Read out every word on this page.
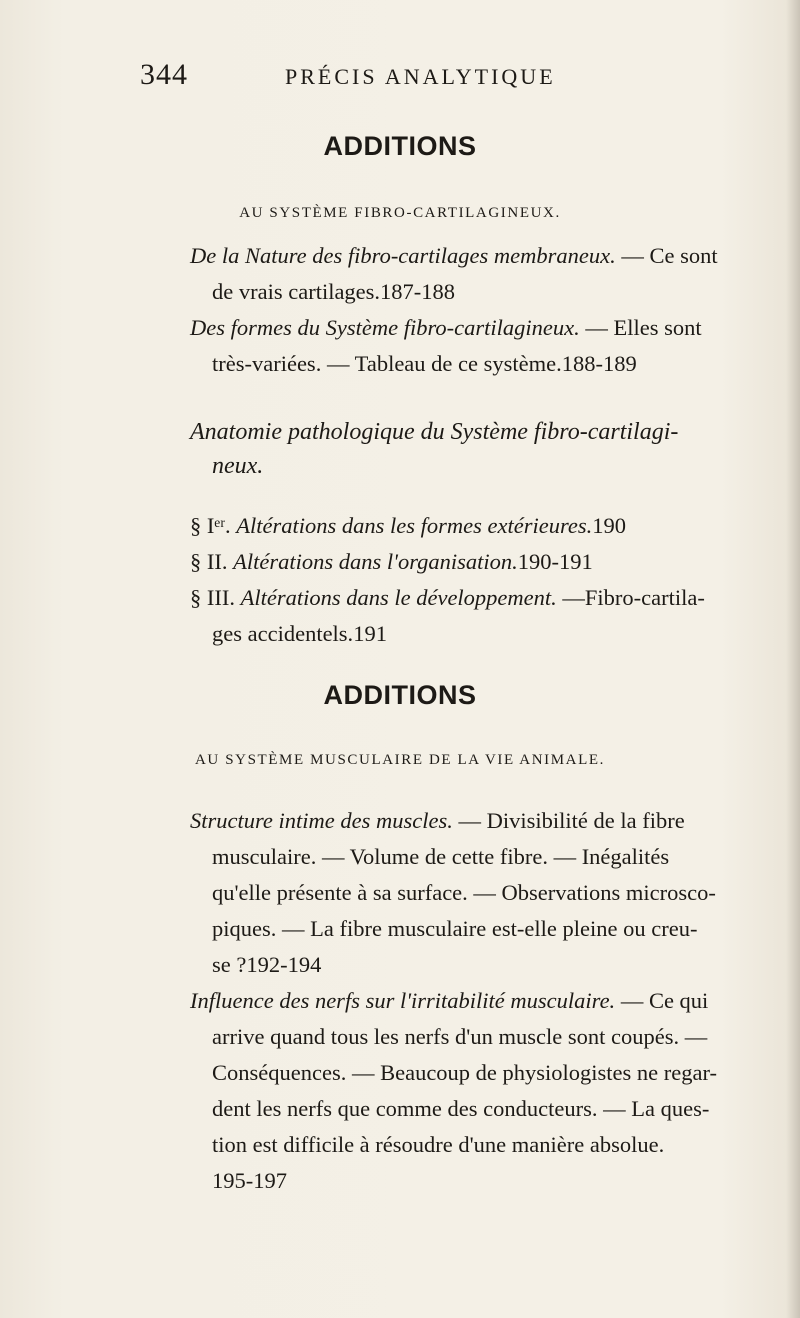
344	PRÉCIS ANALYTIQUE
ADDITIONS
AU SYSTÈME FIBRO-CARTILAGINEUX.
De la Nature des fibro-cartilages membraneux. — Ce sont
de vrais cartilages.187-188
Des formes du Système fibro-cartilagineux. — Elles sont
très-variées. — Tableau de ce système.188-189
Anatomie pathologique du Système fibro-cartilagi-
neux.
§ Iᵉʳ. Altérations dans les formes extérieures.190
§ II. Altérations dans l'organisation.190-191
§ III. Altérations dans le développement. —Fibro-cartila-
ges accidentels.191
ADDITIONS
AU SYSTÈME MUSCULAIRE DE LA VIE ANIMALE.
Structure intime des muscles. — Divisibilité de la fibre
musculaire. — Volume de cette fibre. — Inégalités
qu'elle présente à sa surface. — Observations microsco-
piques. — La fibre musculaire est-elle pleine ou creu-
se ?192-194
Influence des nerfs sur l'irritabilité musculaire. — Ce qui
arrive quand tous les nerfs d'un muscle sont coupés. —
Conséquences. — Beaucoup de physiologistes ne regar-
dent les nerfs que comme des conducteurs. — La ques-
tion est difficile à résoudre d'une manière absolue.
195-197
